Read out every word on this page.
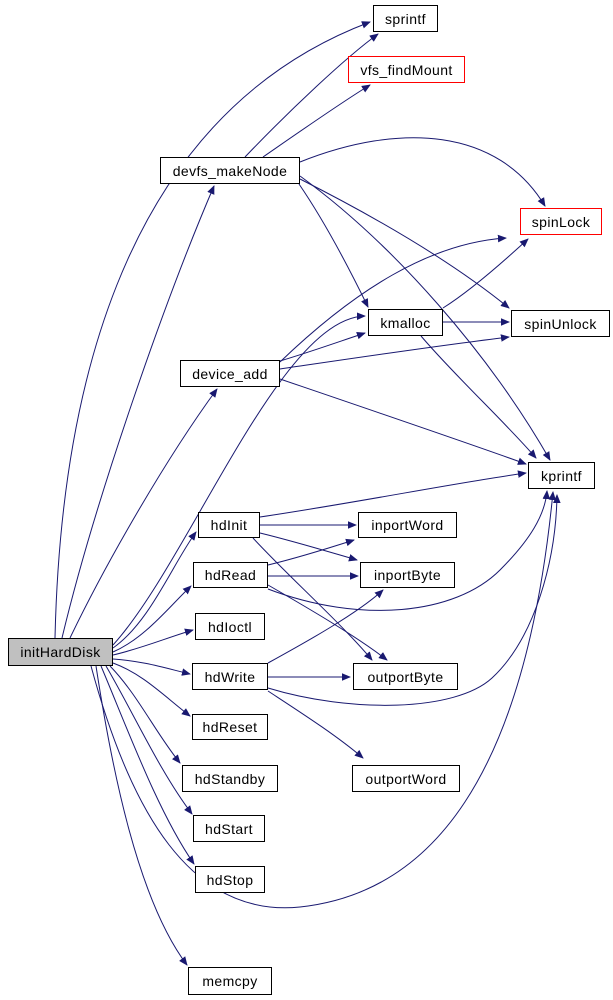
sprintf
vfs_findMount
devfs_makeNode
spinLock
kmalloc	spinUnlock
device_add
kprintf
hdInit	inportWord
hdRead	inportByte
hdIoctl
hdWrite	outportByte
hdReset
hdStandby	outportWord
hdStart
hdStop
initHardDisk
memcpy
